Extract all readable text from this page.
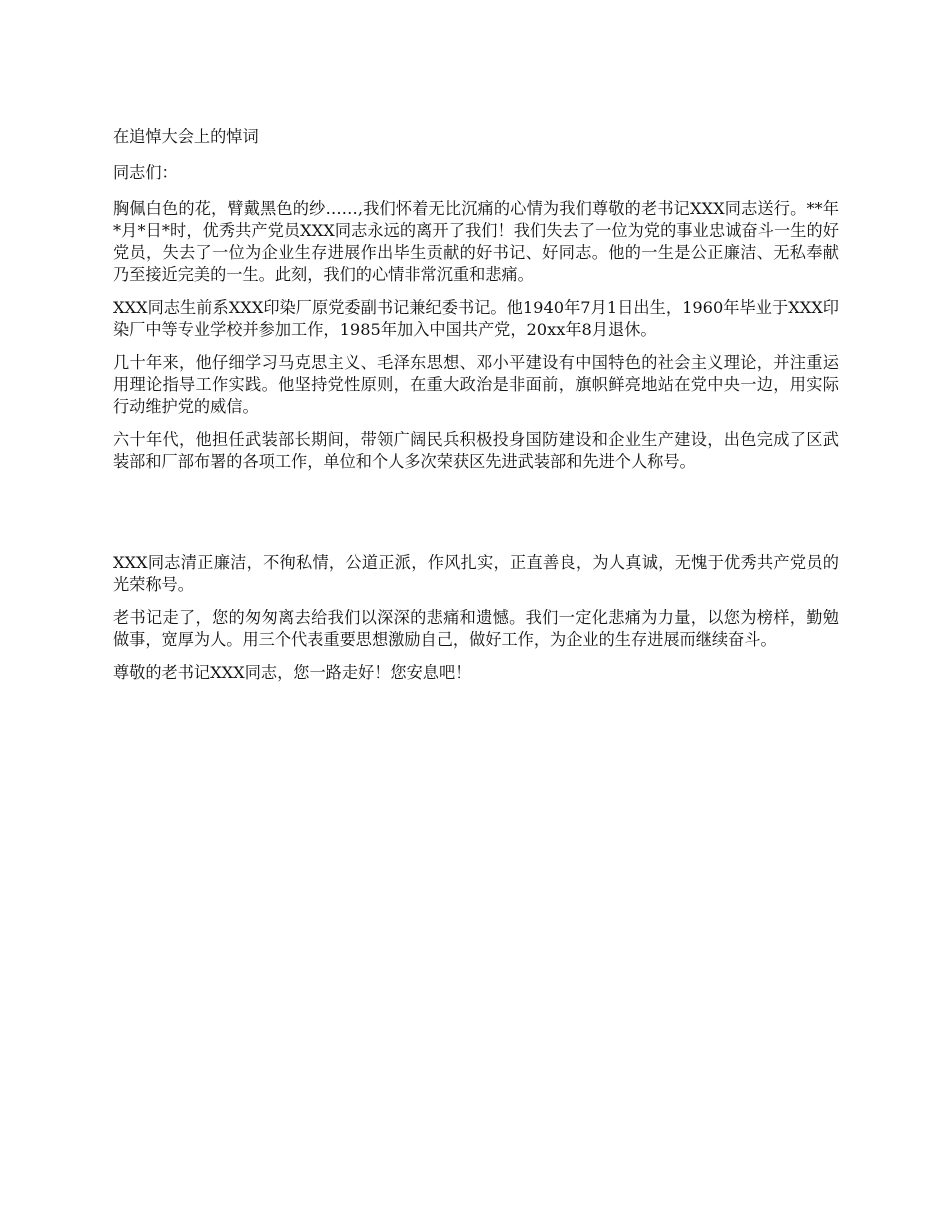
在追悼大会上的悼词

同志们：

胸佩白色的花，臂戴黑色的纱……,我们怀着无比沉痛的心情为我们尊敬的老书记XXX同志送行。**年*月*日*时，优秀共产党员XXX同志永远的离开了我们！我们失去了一位为党的事业忠诚奋斗一生的好党员，失去了一位为企业生存进展作出毕生贡献的好书记、好同志。他的一生是公正廉洁、无私奉献乃至接近完美的一生。此刻，我们的心情非常沉重和悲痛。

XXX同志生前系XXX印染厂原党委副书记兼纪委书记。他1940年7月1日出生，1960年毕业于XXX印染厂中等专业学校并参加工作，1985年加入中国共产党，20xx年8月退休。

几十年来，他仔细学习马克思主义、毛泽东思想、邓小平建设有中国特色的社会主义理论，并注重运用理论指导工作实践。他坚持党性原则，在重大政治是非面前，旗帜鲜亮地站在党中央一边，用实际行动维护党的威信。

六十年代，他担任武装部长期间，带领广阔民兵积极投身国防建设和企业生产建设，出色完成了区武装部和厂部布署的各项工作，单位和个人多次荣获区先进武装部和先进个人称号。

XXX同志清正廉洁，不徇私情，公道正派，作风扎实，正直善良，为人真诚，无愧于优秀共产党员的光荣称号。

老书记走了，您的匆匆离去给我们以深深的悲痛和遗憾。我们一定化悲痛为力量，以您为榜样，勤勉做事，宽厚为人。用三个代表重要思想激励自己，做好工作，为企业的生存进展而继续奋斗。

尊敬的老书记XXX同志，您一路走好！您安息吧！
